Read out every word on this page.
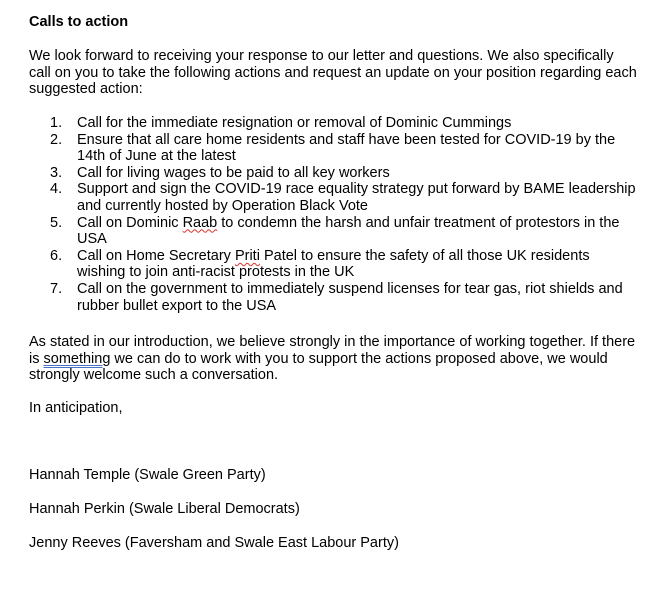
Calls to action

We look forward to receiving your response to our letter and questions. We also specifically call on you to take the following actions and request an update on your position regarding each suggested action:

1. Call for the immediate resignation or removal of Dominic Cummings
2. Ensure that all care home residents and staff have been tested for COVID-19 by the 14th of June at the latest
3. Call for living wages to be paid to all key workers
4. Support and sign the COVID-19 race equality strategy put forward by BAME leadership and currently hosted by Operation Black Vote
5. Call on Dominic Raab to condemn the harsh and unfair treatment of protestors in the USA
6. Call on Home Secretary Priti Patel to ensure the safety of all those UK residents wishing to join anti-racist protests in the UK
7. Call on the government to immediately suspend licenses for tear gas, riot shields and rubber bullet export to the USA

As stated in our introduction, we believe strongly in the importance of working together. If there is something we can do to work with you to support the actions proposed above, we would strongly welcome such a conversation.

In anticipation,

Hannah Temple (Swale Green Party)

Hannah Perkin (Swale Liberal Democrats)

Jenny Reeves (Faversham and Swale East Labour Party)
